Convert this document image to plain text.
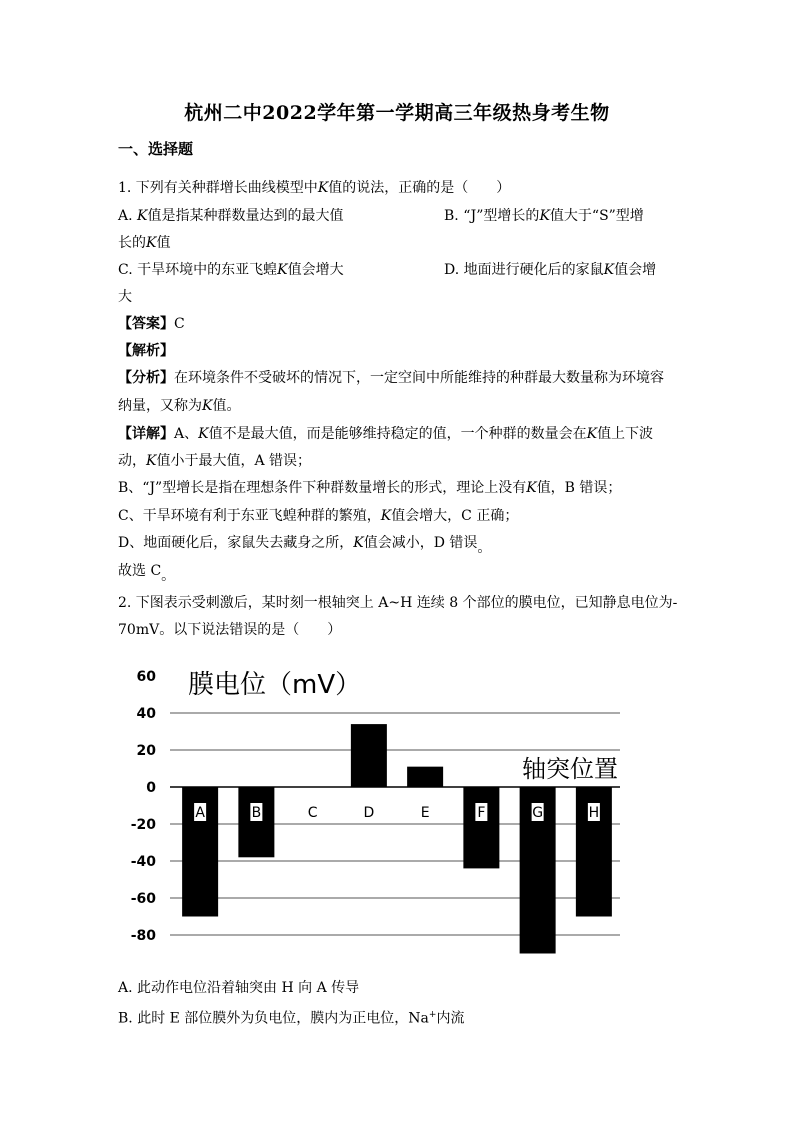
杭州二中2022学年第一学期高三年级热身考生物
一、选择题
1. 下列有关种群增长曲线模型中K值的说法，正确的是（　　）
A. K值是指某种群数量达到的最大值	B. “J”型增长的K值大于“S”型增
长的K值
C. 干旱环境中的东亚飞蝗K值会增大	D. 地面进行硬化后的家鼠K值会增
大
【答案】C
【解析】
【分析】在环境条件不受破坏的情况下，一定空间中所能维持的种群最大数量称为环境容
纳量，又称为K值。
【详解】A、K值不是最大值，而是能够维持稳定的值，一个种群的数量会在K值上下波
动，K值小于最大值，A 错误；
B、“J”型增长是指在理想条件下种群数量增长的形式，理论上没有K值，B 错误；
C、干旱环境有利于东亚飞蝗种群的繁殖，K值会增大，C 正确；
D、地面硬化后，家鼠失去藏身之所，K值会减小，D 错误。
故选 C。
2. 下图表示受刺激后，某时刻一根轴突上 A~H 连续 8 个部位的膜电位，已知静息电位为-
70mV。以下说法错误的是（　　）
60
40
20
0
-20
-40
-60
-80
A	B	C	D	E	F	G	H
膜电位（mV）
轴突位置
A. 此动作电位沿着轴突由 H 向 A 传导
B. 此时 E 部位膜外为负电位，膜内为正电位，Na+内流
